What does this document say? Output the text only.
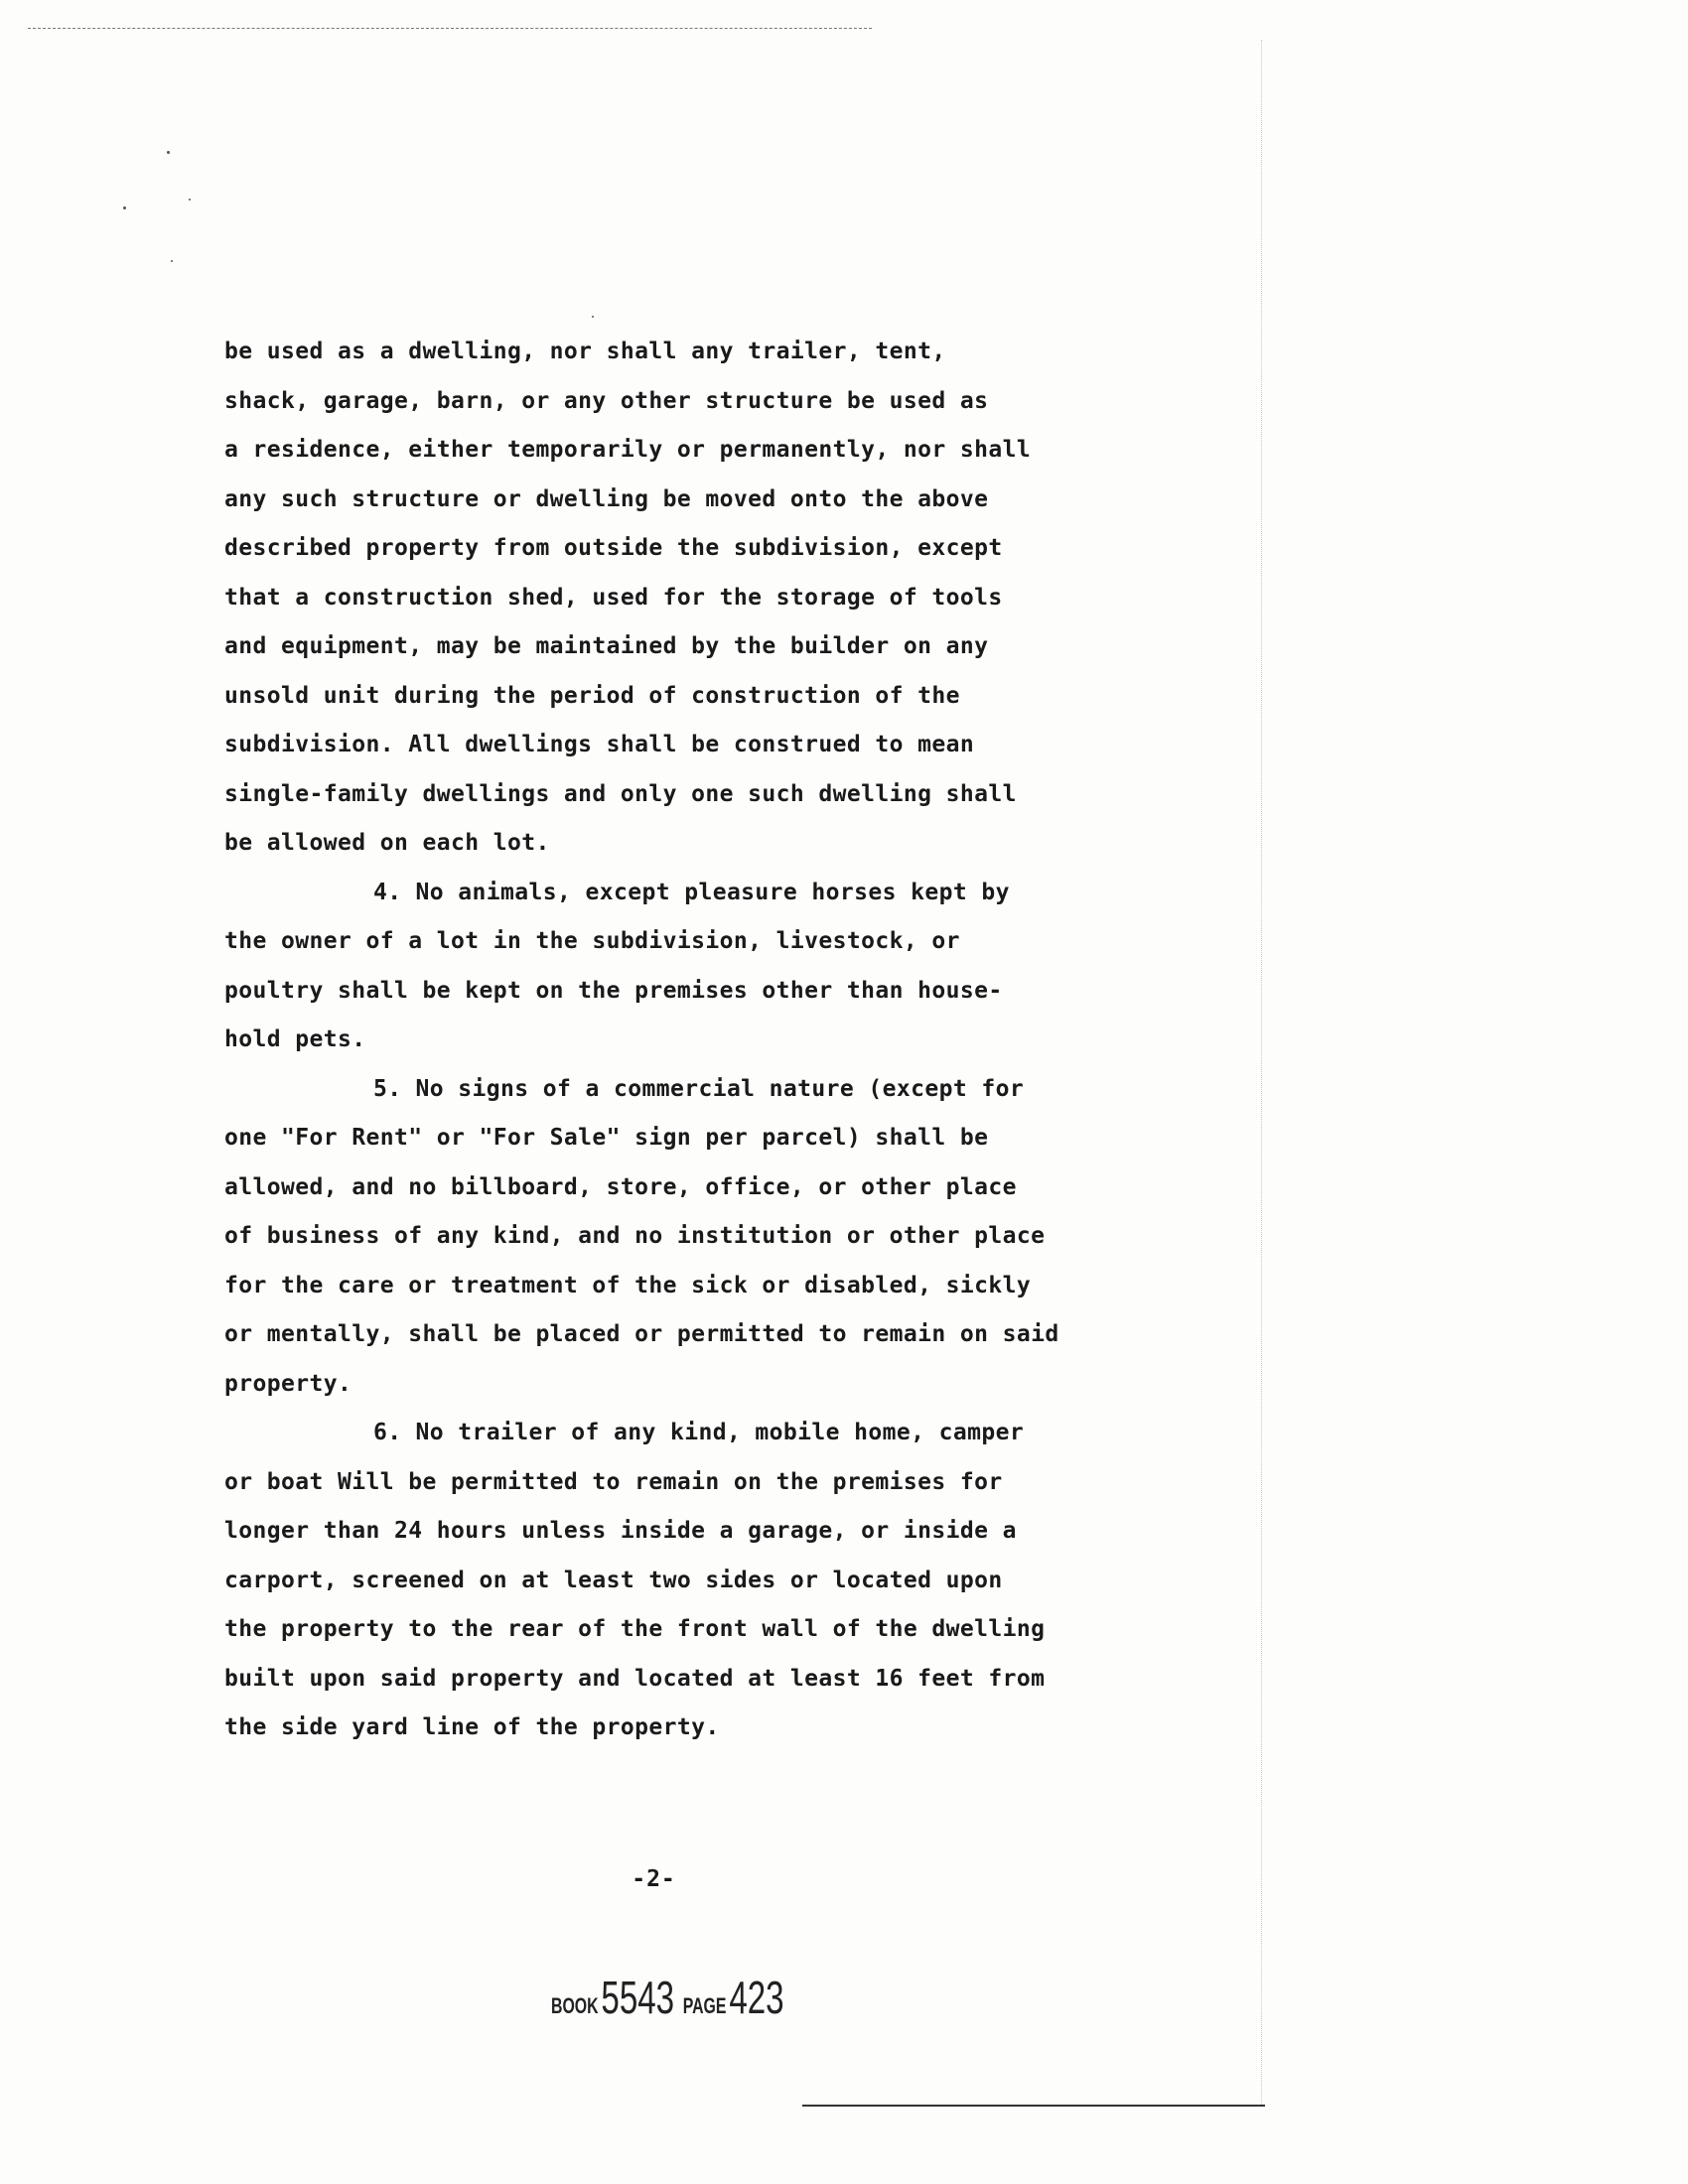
be used as a dwelling, nor shall any trailer, tent,
shack, garage, barn, or any other structure be used as
a residence, either temporarily or permanently, nor shall
any such structure or dwelling be moved onto the above
described property from outside the subdivision, except
that a construction shed, used for the storage of tools
and equipment, may be maintained by the builder on any
unsold unit during the period of construction of the
subdivision. All dwellings shall be construed to mean
single-family dwellings and only one such dwelling shall
be allowed on each lot.
4. No animals, except pleasure horses kept by
the owner of a lot in the subdivision, livestock, or
poultry shall be kept on the premises other than house-
hold pets.
5. No signs of a commercial nature (except for
one "For Rent" or "For Sale" sign per parcel) shall be
allowed, and no billboard, store, office, or other place
of business of any kind, and no institution or other place
for the care or treatment of the sick or disabled, sickly
or mentally, shall be placed or permitted to remain on said
property.
6. No trailer of any kind, mobile home, camper
or boat Will be permitted to remain on the premises for
longer than 24 hours unless inside a garage, or inside a
carport, screened on at least two sides or located upon
the property to the rear of the front wall of the dwelling
built upon said property and located at least 16 feet from
the side yard line of the property.
-2-
BOOK5543 PAGE423
